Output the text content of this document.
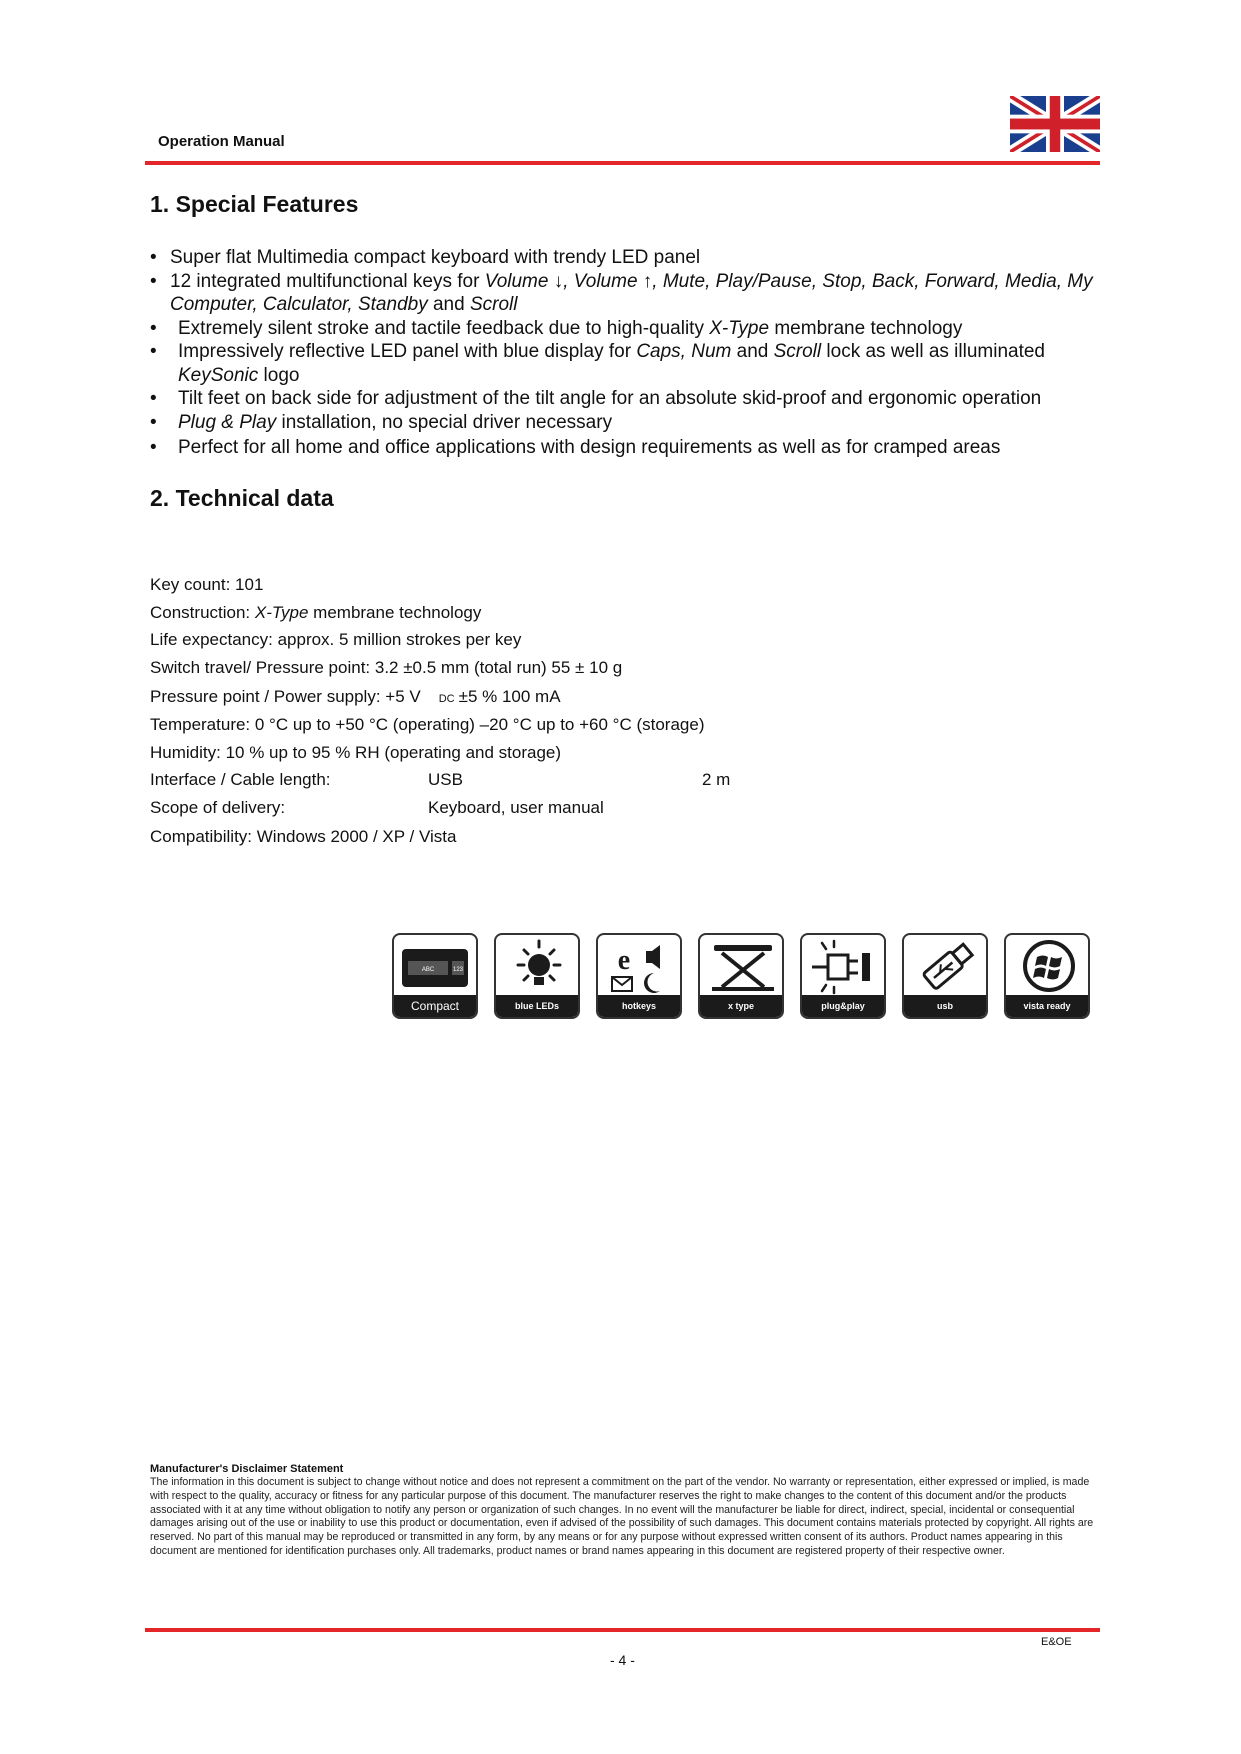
Operation Manual
1. Special Features
• Super flat Multimedia compact keyboard with trendy LED panel
• 12 integrated multifunctional keys for Volume ↓, Volume ↑, Mute, Play/Pause, Stop, Back, Forward, Media, My Computer, Calculator, Standby and Scroll
• Extremely silent stroke and tactile feedback due to high-quality X-Type membrane technology
• Impressively reflective LED panel with blue display for Caps, Num and Scroll lock as well as illuminated KeySonic logo
• Tilt feet on back side for adjustment of the tilt angle for an absolute skid-proof and ergonomic operation
• Plug & Play installation, no special driver necessary
• Perfect for all home and office applications with design requirements as well as for cramped areas
2. Technical data
Key count: 101
Construction: X-Type membrane technology
Life expectancy: approx. 5 million strokes per key
Switch travel/ Pressure point: 3.2 ±0.5 mm (total run) 55 ± 10 g
Pressure point / Power supply: +5 V DC ±5 % 100 mA
Temperature: 0 °C up to +50 °C (operating) –20 °C up to +60 °C (storage)
Humidity: 10 % up to 95 % RH (operating and storage)
Interface / Cable length:	USB	2 m
Scope of delivery:	Keyboard, user manual
Compatibility: Windows 2000 / XP / Vista
ABC	123
Compact	blue LEDs
e
hotkeys	x type	plug&play	usb	vista ready
Manufacturer's Disclaimer Statement
The information in this document is subject to change without notice and does not represent a commitment on the part of the vendor. No warranty or representation, either expressed or implied, is made with respect to the quality, accuracy or fitness for any particular purpose of this document. The manufacturer reserves the right to make changes to the content of this document and/or the products associated with it at any time without obligation to notify any person or organization of such changes. In no event will the manufacturer be liable for direct, indirect, special, incidental or consequential damages arising out of the use or inability to use this product or documentation, even if advised of the possibility of such damages. This document contains materials protected by copyright. All rights are reserved. No part of this manual may be reproduced or transmitted in any form, by any means or for any purpose without expressed written consent of its authors. Product names appearing in this document are mentioned for identification purchases only. All trademarks, product names or brand names appearing in this document are registered property of their respective owner.
E&OE
- 4 -
